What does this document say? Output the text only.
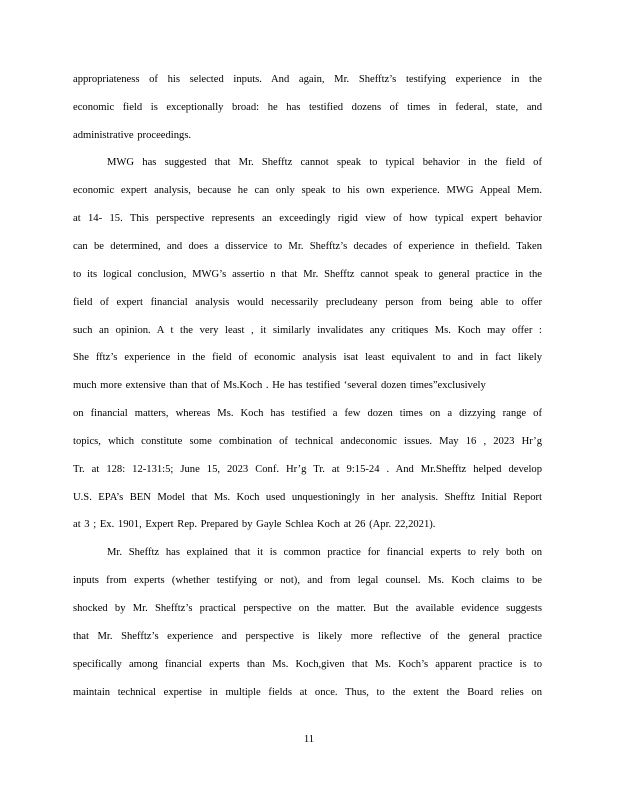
appropriateness of his selected inputs. And again, Mr. Shefftz’s testifying experience in the
economic field is exceptionally broad: he has testified dozens of times in federal, state, and
administrative proceedings.
MWG has suggested that Mr. Shefftz cannot speak to typical behavior in the field of
economic expert analysis, because he can only speak to his own experience. MWG Appeal Mem.
at 14- 15. This perspective represents an exceedingly rigid view of how typical expert behavior
can be determined, and does a disservice to Mr. Shefftz’s decades of experience in thefield. Taken
to its logical conclusion, MWG’s assertio n that Mr. Shefftz cannot speak to general practice in the
field of expert financial analysis would necessarily precludeany person from being able to offer
such an opinion. A t the very least , it similarly invalidates any critiques Ms. Koch may offer :
She fftz’s experience in the field of economic analysis isat least equivalent to and in fact likely
much more extensive than that of Ms.Koch . He has testified ‘several dozen times”exclusively
on financial matters, whereas Ms. Koch has testified a few dozen times on a dizzying range of
topics, which constitute some combination of technical andeconomic issues. May 16 , 2023 Hr’g
Tr. at 128: 12-131:5; June 15, 2023 Conf. Hr’g Tr. at 9:15-24 . And Mr.Shefftz helped develop
U.S. EPA’s BEN Model that Ms. Koch used unquestioningly in her analysis. Shefftz Initial Report
at 3 ; Ex. 1901, Expert Rep. Prepared by Gayle Schlea Koch at 26 (Apr. 22,2021).
Mr. Shefftz has explained that it is common practice for financial experts to rely both on
inputs from experts (whether testifying or not), and from legal counsel. Ms. Koch claims to be
shocked by Mr. Shefftz’s practical perspective on the matter. But the available evidence suggests
that Mr. Shefftz’s experience and perspective is likely more reflective of the general practice
specifically among financial experts than Ms. Koch,given that Ms. Koch’s apparent practice is to
maintain technical expertise in multiple fields at once. Thus, to the extent the Board relies on
11
